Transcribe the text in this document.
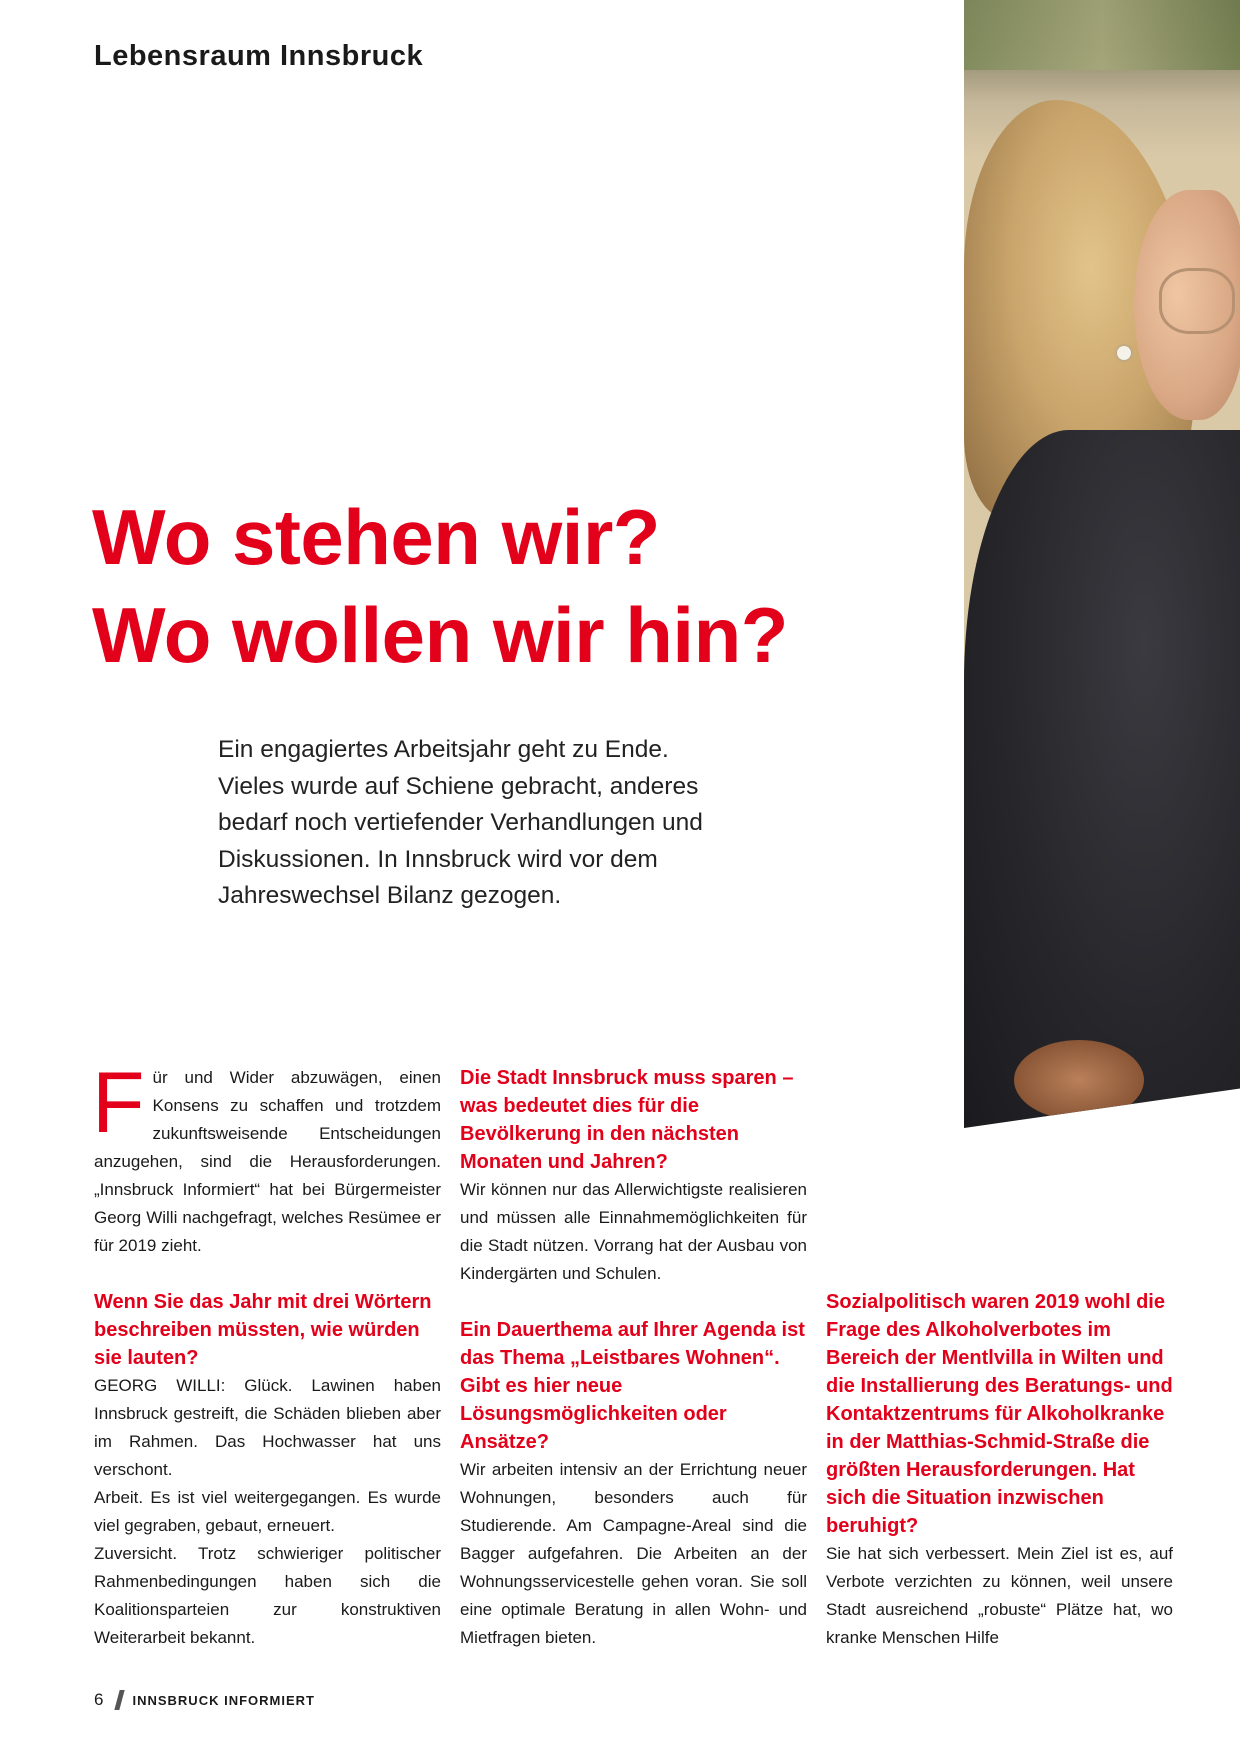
Lebensraum Innsbruck
Wo stehen wir?
Wo wollen wir hin?

Ein engagiertes Arbeitsjahr geht zu Ende. Vieles wurde auf Schiene gebracht, anderes bedarf noch vertiefender Verhandlungen und Diskussionen. In Innsbruck wird vor dem Jahreswechsel Bilanz gezogen.

Für und Wider abzuwägen, einen Konsens zu schaffen und trotzdem zukunftsweisende Entscheidungen anzugehen, sind die Herausforderungen. „Innsbruck Informiert“ hat bei Bürgermeister Georg Willi nachgefragt, welches Resümee er für 2019 zieht.

Wenn Sie das Jahr mit drei Wörtern beschreiben müssten, wie würden sie lauten?

GEORG WILLI: Glück. Lawinen haben Innsbruck gestreift, die Schäden blieben aber im Rahmen. Das Hochwasser hat uns verschont.

Arbeit. Es ist viel weitergegangen. Es wurde viel gegraben, gebaut, erneuert.

Zuversicht. Trotz schwieriger politischer Rahmenbedingungen haben sich die Koalitionsparteien zur konstruktiven Weiterarbeit bekannt.

Die Stadt Innsbruck muss sparen – was bedeutet dies für die Bevölkerung in den nächsten Monaten und Jahren?

Wir können nur das Allerwichtigste realisieren und müssen alle Einnahmemöglichkeiten für die Stadt nützen. Vorrang hat der Ausbau von Kindergärten und Schulen.

Ein Dauerthema auf Ihrer Agenda ist das Thema „Leistbares Wohnen“. Gibt es hier neue Lösungsmöglichkeiten oder Ansätze?

Wir arbeiten intensiv an der Errichtung neuer Wohnungen, besonders auch für Studierende. Am Campagne-Areal sind die Bagger aufgefahren. Die Arbeiten an der Wohnungsservicestelle gehen voran. Sie soll eine optimale Beratung in allen Wohn- und Mietfragen bieten.

Sozialpolitisch waren 2019 wohl die Frage des Alkoholverbotes im Bereich der Mentlvilla in Wilten und die Installierung des Beratungs- und Kontaktzentrums für Alkoholkranke in der Matthias-Schmid-Straße die größten Herausforderungen. Hat sich die Situation inzwischen beruhigt?

Sie hat sich verbessert. Mein Ziel ist es, auf Verbote verzichten zu können, weil unsere Stadt ausreichend „robuste“ Plätze hat, wo kranke Menschen Hilfe

6 INNSBRUCK INFORMIERT
